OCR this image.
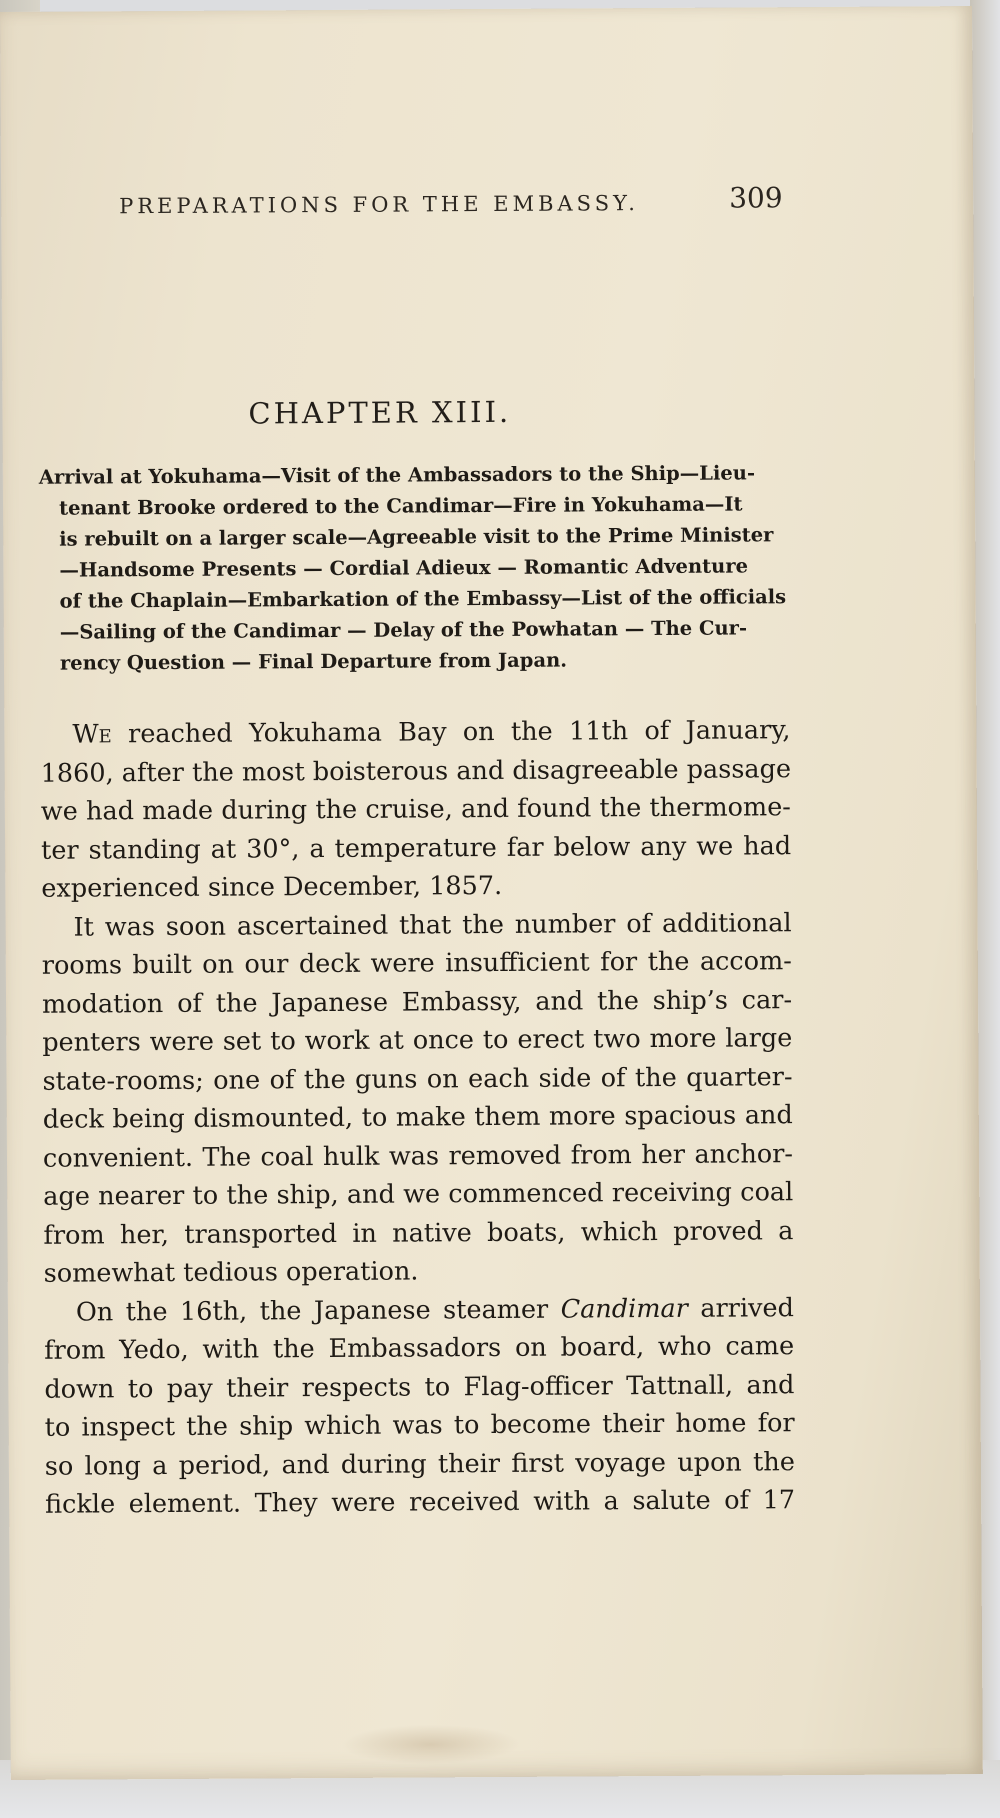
PREPARATIONS FOR THE EMBASSY.	309
CHAPTER XIII.
Arrival at Yokuhama—Visit of the Ambassadors to the Ship—Lieu-
tenant Brooke ordered to the Candimar—Fire in Yokuhama—It
is rebuilt on a larger scale—Agreeable visit to the Prime Minister
—Handsome Presents — Cordial Adieux — Romantic Adventure
of the Chaplain—Embarkation of the Embassy—List of the officials
—Sailing of the Candimar — Delay of the Powhatan — The Cur-
rency Question — Final Departure from Japan.
We reached Yokuhama Bay on the 11th of January,
1860, after the most boisterous and disagreeable passage
we had made during the cruise, and found the thermome-
ter standing at 30°, a temperature far below any we had
experienced since December, 1857.
It was soon ascertained that the number of additional
rooms built on our deck were insufficient for the accom-
modation of the Japanese Embassy, and the ship’s car-
penters were set to work at once to erect two more large
state-rooms; one of the guns on each side of the quarter-
deck being dismounted, to make them more spacious and
convenient. The coal hulk was removed from her anchor-
age nearer to the ship, and we commenced receiving coal
from her, transported in native boats, which proved a
somewhat tedious operation.
On the 16th, the Japanese steamer Candimar arrived
from Yedo, with the Embassadors on board, who came
down to pay their respects to Flag-officer Tattnall, and
to inspect the ship which was to become their home for
so long a period, and during their first voyage upon the
fickle element. They were received with a salute of 17
